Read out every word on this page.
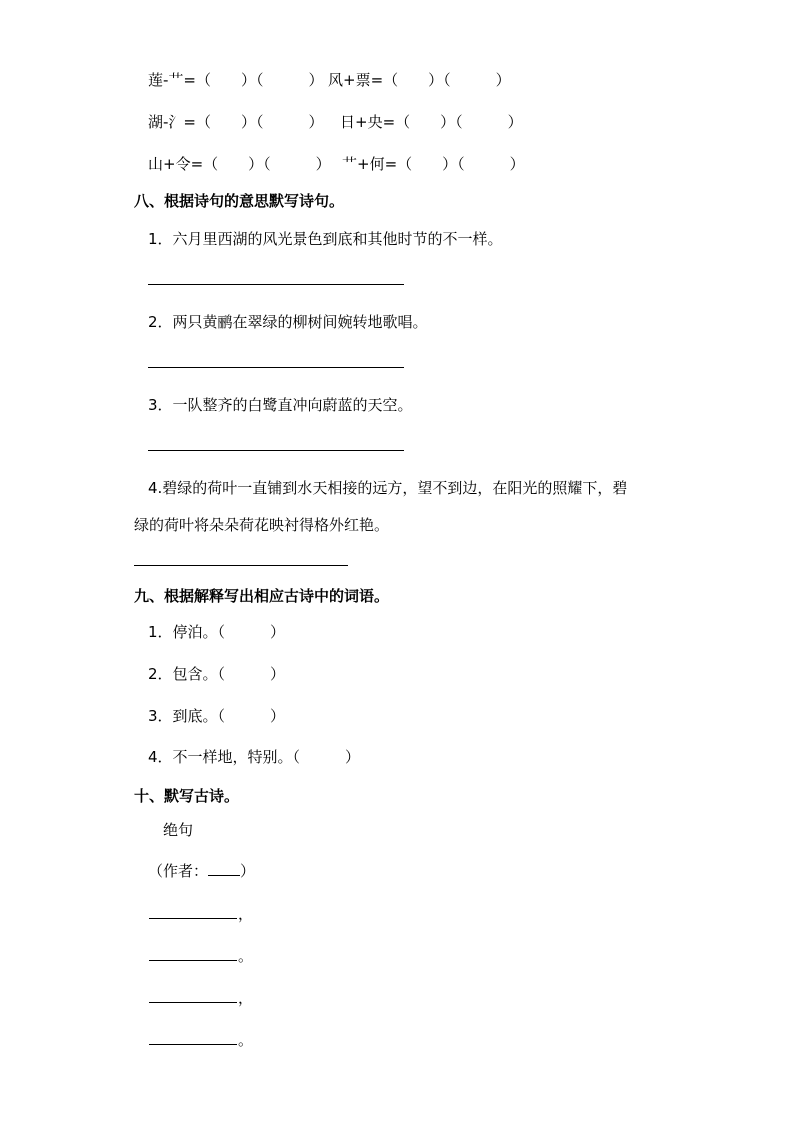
莲-艹=（　　）（　　　） 风+票=（　　）（　　　）
湖-氵=（　　）（　　　） 日+央=（　　）（　　　）
山+令=（　　）（　　　） 艹+何=（　　）（　　　）
八、根据诗句的意思默写诗句。
1．六月里西湖的风光景色到底和其他时节的不一样。
2．两只黄鹂在翠绿的柳树间婉转地歌唱。
3．一队整齐的白鹭直冲向蔚蓝的天空。
4.碧绿的荷叶一直铺到水天相接的远方，望不到边，在阳光的照耀下，碧
绿的荷叶将朵朵荷花映衬得格外红艳。
九、根据解释写出相应古诗中的词语。
1．停泊。（　　　）
2．包含。（　　　）
3．到底。（　　　）
4．不一样地，特别。（　　　）
十、默写古诗。
绝句
（作者： ）
，
。
，
。
